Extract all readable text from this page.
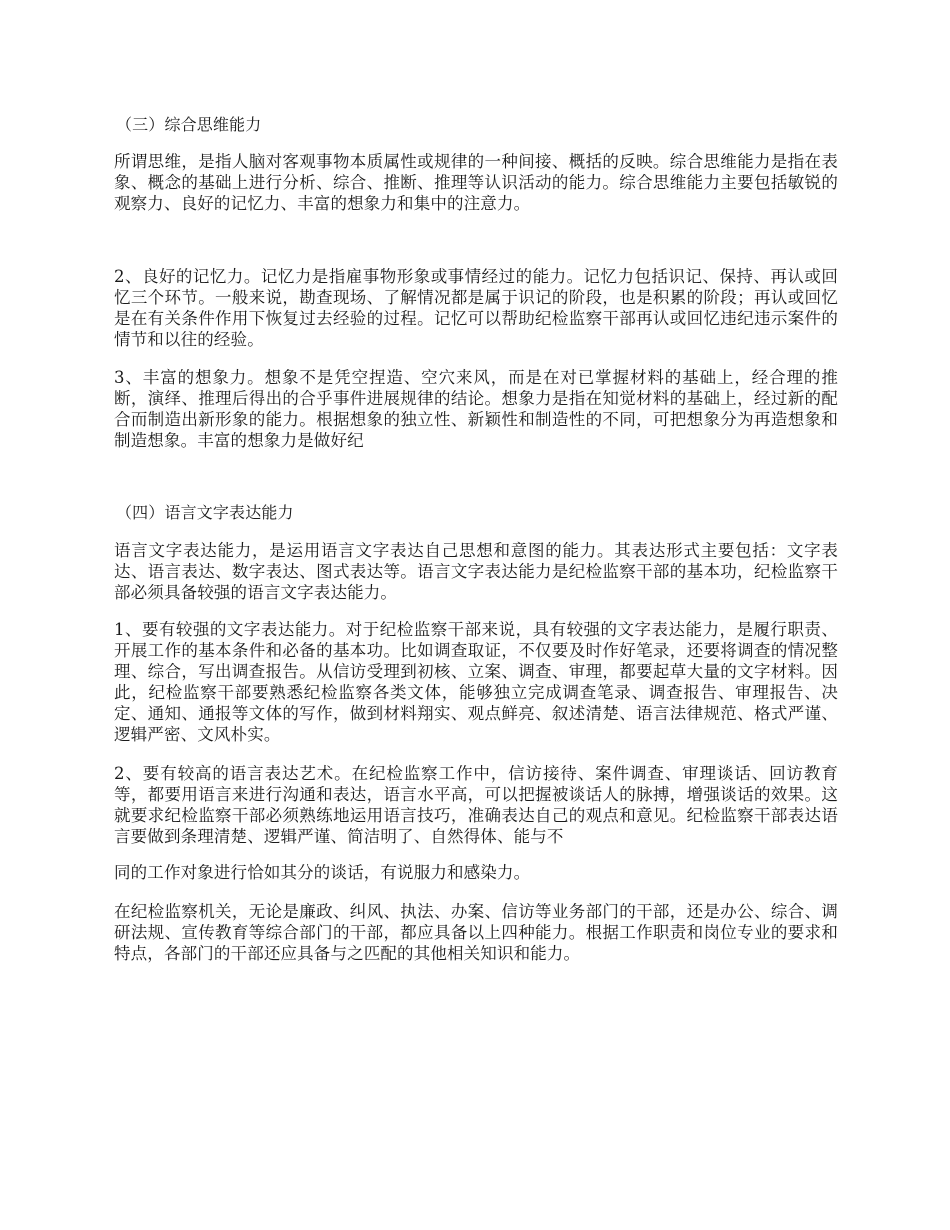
（三）综合思维能力

所谓思维，是指人脑对客观事物本质属性或规律的一种间接、概括的反映。综合思维能力是指在表象、概念的基础上进行分析、综合、推断、推理等认识活动的能力。综合思维能力主要包括敏锐的观察力、良好的记忆力、丰富的想象力和集中的注意力。

2、良好的记忆力。记忆力是指雇事物形象或事情经过的能力。记忆力包括识记、保持、再认或回忆三个环节。一般来说，勘查现场、了解情况都是属于识记的阶段，也是积累的阶段；再认或回忆是在有关条件作用下恢复过去经验的过程。记忆可以帮助纪检监察干部再认或回忆违纪违示案件的情节和以往的经验。

3、丰富的想象力。想象不是凭空捏造、空穴来风，而是在对已掌握材料的基础上，经合理的推断，演绎、推理后得出的合乎事件进展规律的结论。想象力是指在知觉材料的基础上，经过新的配合而制造出新形象的能力。根据想象的独立性、新颖性和制造性的不同，可把想象分为再造想象和制造想象。丰富的想象力是做好纪

（四）语言文字表达能力

语言文字表达能力，是运用语言文字表达自己思想和意图的能力。其表达形式主要包括：文字表达、语言表达、数字表达、图式表达等。语言文字表达能力是纪检监察干部的基本功，纪检监察干部必须具备较强的语言文字表达能力。

1、要有较强的文字表达能力。对于纪检监察干部来说，具有较强的文字表达能力，是履行职责、开展工作的基本条件和必备的基本功。比如调查取证，不仅要及时作好笔录，还要将调查的情况整理、综合，写出调查报告。从信访受理到初核、立案、调查、审理，都要起草大量的文字材料。因此，纪检监察干部要熟悉纪检监察各类文体，能够独立完成调查笔录、调查报告、审理报告、决定、通知、通报等文体的写作，做到材料翔实、观点鲜亮、叙述清楚、语言法律规范、格式严谨、逻辑严密、文风朴实。

2、要有较高的语言表达艺术。在纪检监察工作中，信访接待、案件调查、审理谈话、回访教育等，都要用语言来进行沟通和表达，语言水平高，可以把握被谈话人的脉搏，增强谈话的效果。这就要求纪检监察干部必须熟练地运用语言技巧，准确表达自己的观点和意见。纪检监察干部表达语言要做到条理清楚、逻辑严谨、简洁明了、自然得体、能与不

同的工作对象进行恰如其分的谈话，有说服力和感染力。

在纪检监察机关，无论是廉政、纠风、执法、办案、信访等业务部门的干部，还是办公、综合、调研法规、宣传教育等综合部门的干部，都应具备以上四种能力。根据工作职责和岗位专业的要求和特点，各部门的干部还应具备与之匹配的其他相关知识和能力。
